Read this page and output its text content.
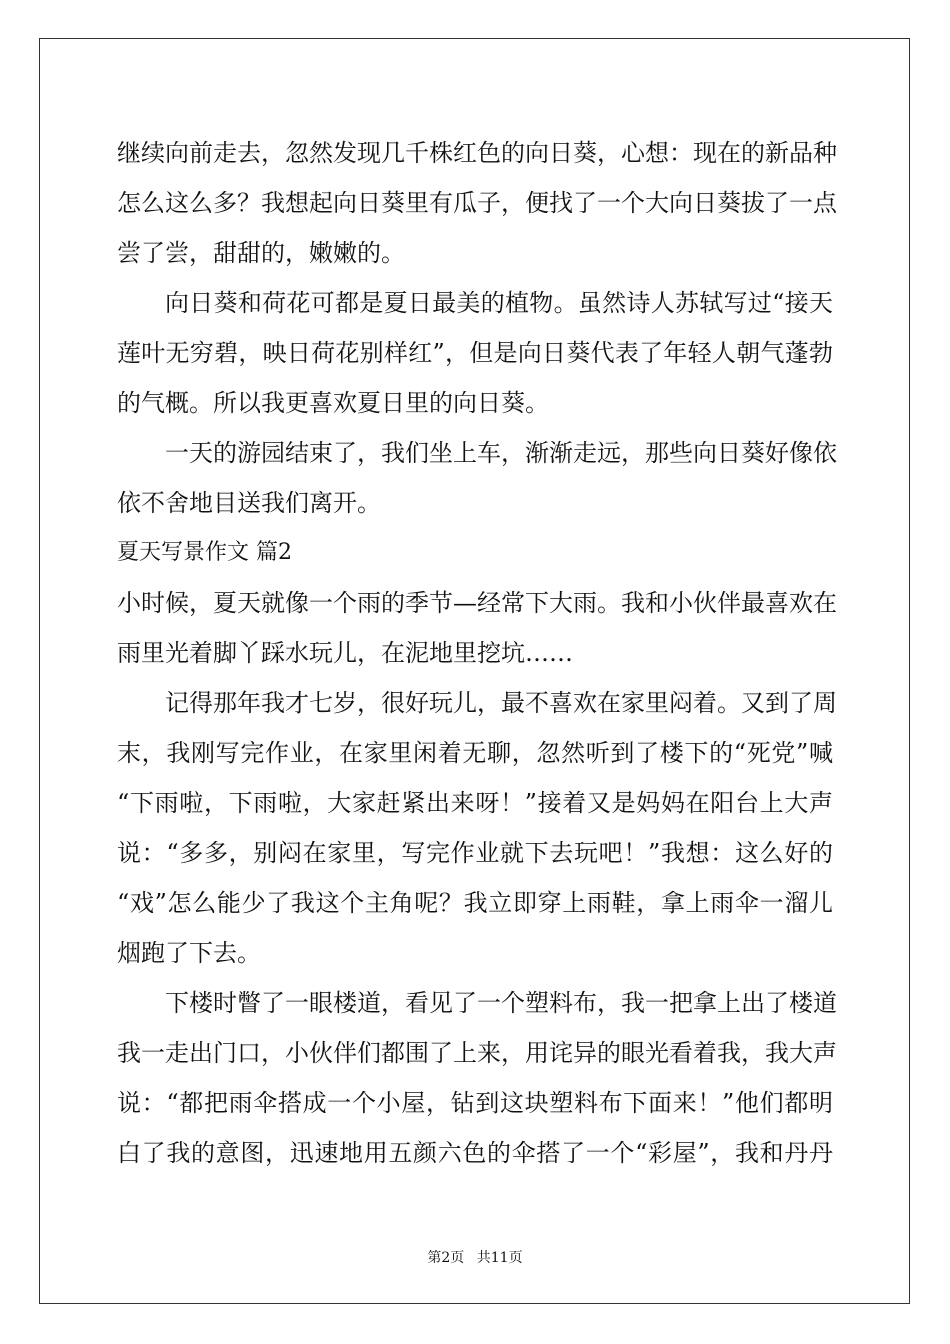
继续向前走去，忽然发现几千株红色的向日葵，心想：现在的新品种
怎么这么多？我想起向日葵里有瓜子，便找了一个大向日葵拔了一点
尝了尝，甜甜的，嫩嫩的。
向日葵和荷花可都是夏日最美的植物。虽然诗人苏轼写过“接天
莲叶无穷碧，映日荷花别样红”，但是向日葵代表了年轻人朝气蓬勃
的气概。所以我更喜欢夏日里的向日葵。
一天的游园结束了，我们坐上车，渐渐走远，那些向日葵好像依
依不舍地目送我们离开。
夏天写景作文 篇2
小时候，夏天就像一个雨的季节—经常下大雨。我和小伙伴最喜欢在
雨里光着脚丫踩水玩儿，在泥地里挖坑……
记得那年我才七岁，很好玩儿，最不喜欢在家里闷着。又到了周
末，我刚写完作业，在家里闲着无聊，忽然听到了楼下的“死党”喊
“下雨啦，下雨啦，大家赶紧出来呀！”接着又是妈妈在阳台上大声
说：“多多，别闷在家里，写完作业就下去玩吧！”我想：这么好的
“戏”怎么能少了我这个主角呢？我立即穿上雨鞋，拿上雨伞一溜儿
烟跑了下去。
下楼时瞥了一眼楼道，看见了一个塑料布，我一把拿上出了楼道
我一走出门口，小伙伴们都围了上来，用诧异的眼光看着我，我大声
说：“都把雨伞搭成一个小屋，钻到这块塑料布下面来！”他们都明
白了我的意图，迅速地用五颜六色的伞搭了一个“彩屋”，我和丹丹
第2页 共11页
